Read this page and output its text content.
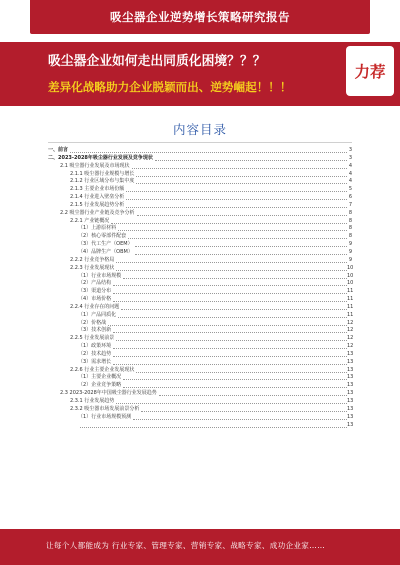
吸尘器企业逆势增长策略研究报告
吸尘器企业如何走出同质化困境？？？
差异化战略助力企业脱颖而出、逆势崛起！！！
力荐
内容目录
一、前言	3
二、2023-2028年吸尘器行业发展及竞争现状	3
2.1 吸尘器行业发展及市场现状	4
2.1.1 吸尘器行业规模与增长	4
2.1.2 行业区域分布与集中度	4
2.1.3 主要企业市场份额	5
2.1.4 行业进入壁垒分析	6
2.1.5 行业发展趋势分析	7
2.2 吸尘器行业产业链及竞争分析	8
2.2.1 产业链概况	8
（1）上游原材料	8
（2）核心零部件配套	8
（3）代工生产（OEM）	9
（4）品牌生产（OBM）	9
2.2.2 行业竞争格局	9
2.2.3 行业发展现状	10
（1）行业市场规模	10
（2）产品结构	10
（3）渠道分布	11
（4）市场价格	11
2.2.4 行业存在的问题	11
（1）产品同质化	11
（2）价格战	12
（3）技术创新	12
2.2.5 行业发展前景	12
（1）政策环境	12
（2）技术趋势	13
（3）需求增长	13
2.2.6 行业主要企业发展现状	13
（1）主要企业概况	13
（2）企业竞争策略	13
2.3 2023-2028年中国吸尘器行业发展趋势	13
2.3.1 行业发展趋势	13
2.3.2 吸尘器市场发展前景分析	13
（1）行业市场规模预测	13
13
让每个人都能成为 行业专家、管理专家、营销专家、战略专家、成功企业家……
